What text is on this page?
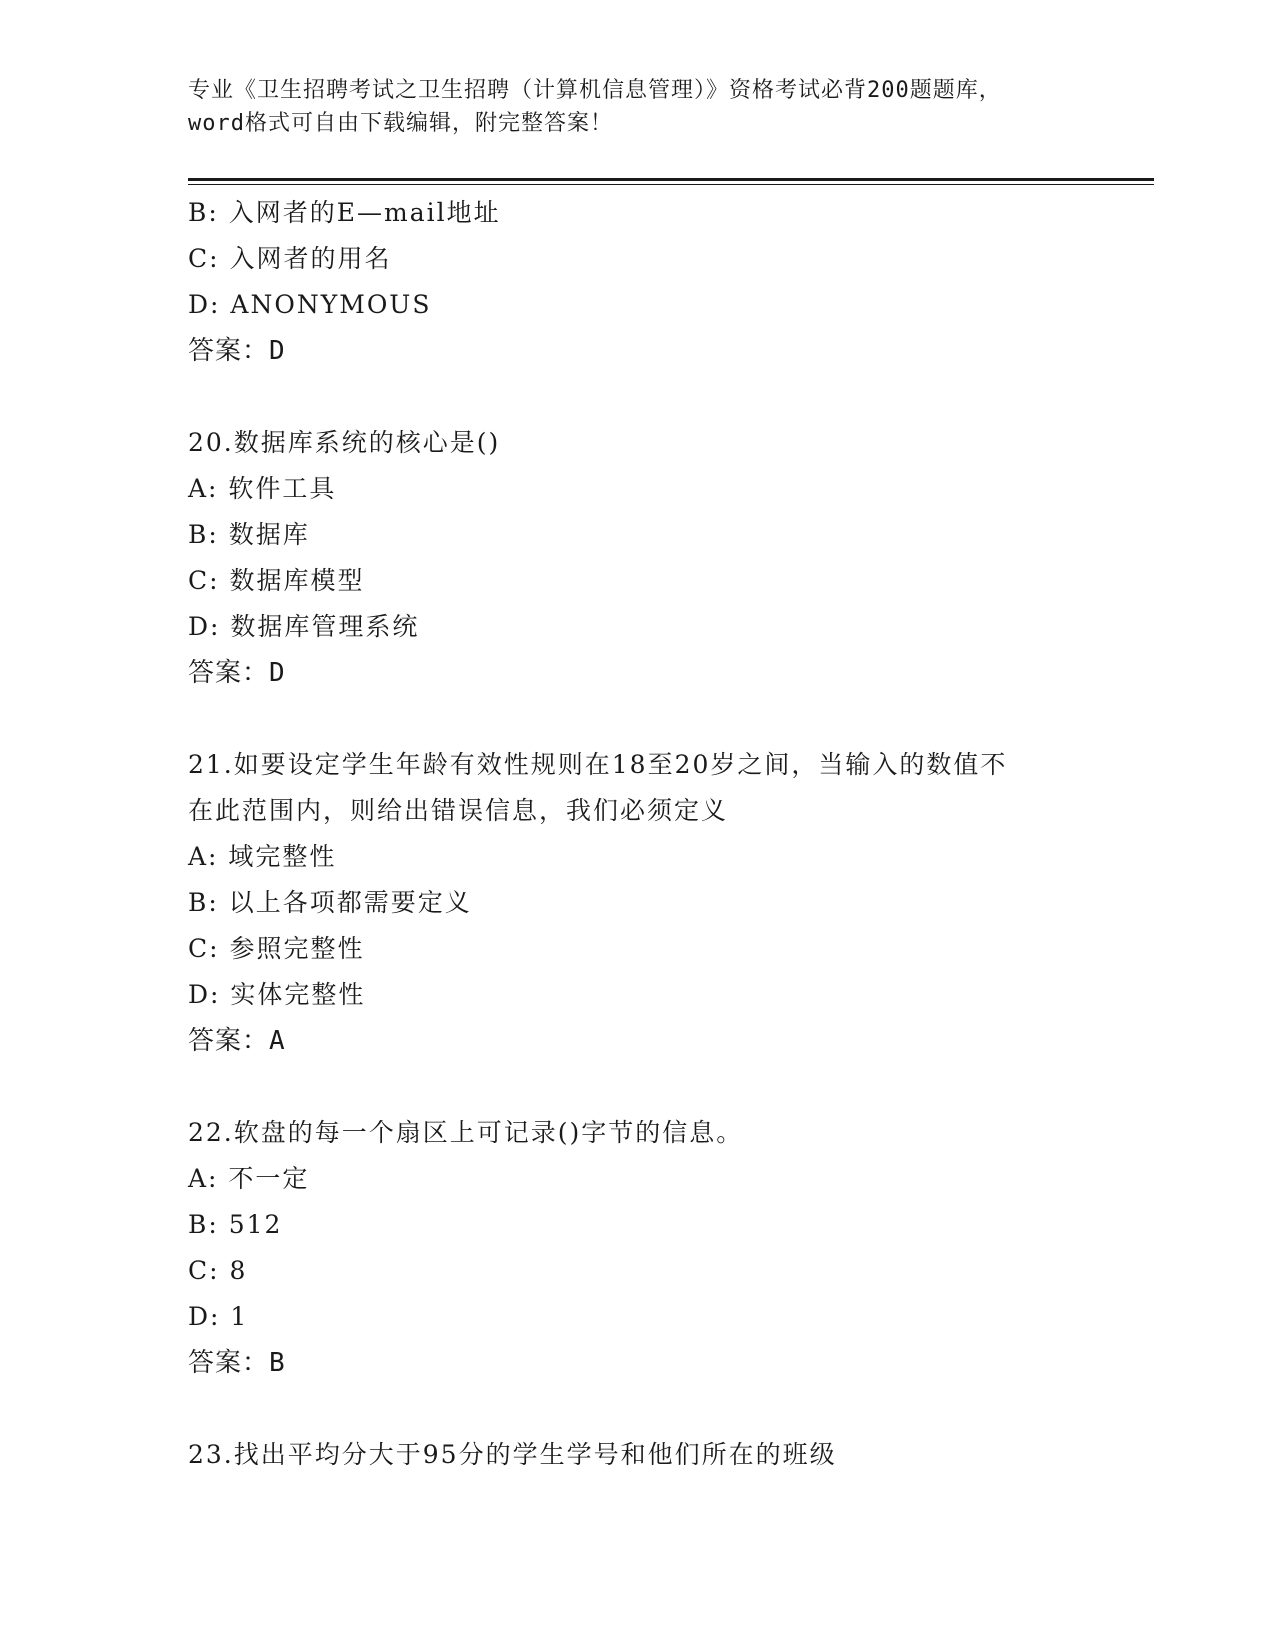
专业《卫生招聘考试之卫生招聘（计算机信息管理）》资格考试必背200题题库，
word格式可自由下载编辑，附完整答案！
B: 入网者的E—mail地址
C: 入网者的用名
D: ANONYMOUS
答案：D
20.数据库系统的核心是()
A: 软件工具
B: 数据库
C: 数据库模型
D: 数据库管理系统
答案：D
21.如要设定学生年龄有效性规则在18至20岁之间，当输入的数值不
在此范围内，则给出错误信息，我们必须定义
A: 域完整性
B: 以上各项都需要定义
C: 参照完整性
D: 实体完整性
答案：A
22.软盘的每一个扇区上可记录()字节的信息。
A: 不一定
B: 512
C: 8
D: 1
答案：B
23.找出平均分大于95分的学生学号和他们所在的班级
